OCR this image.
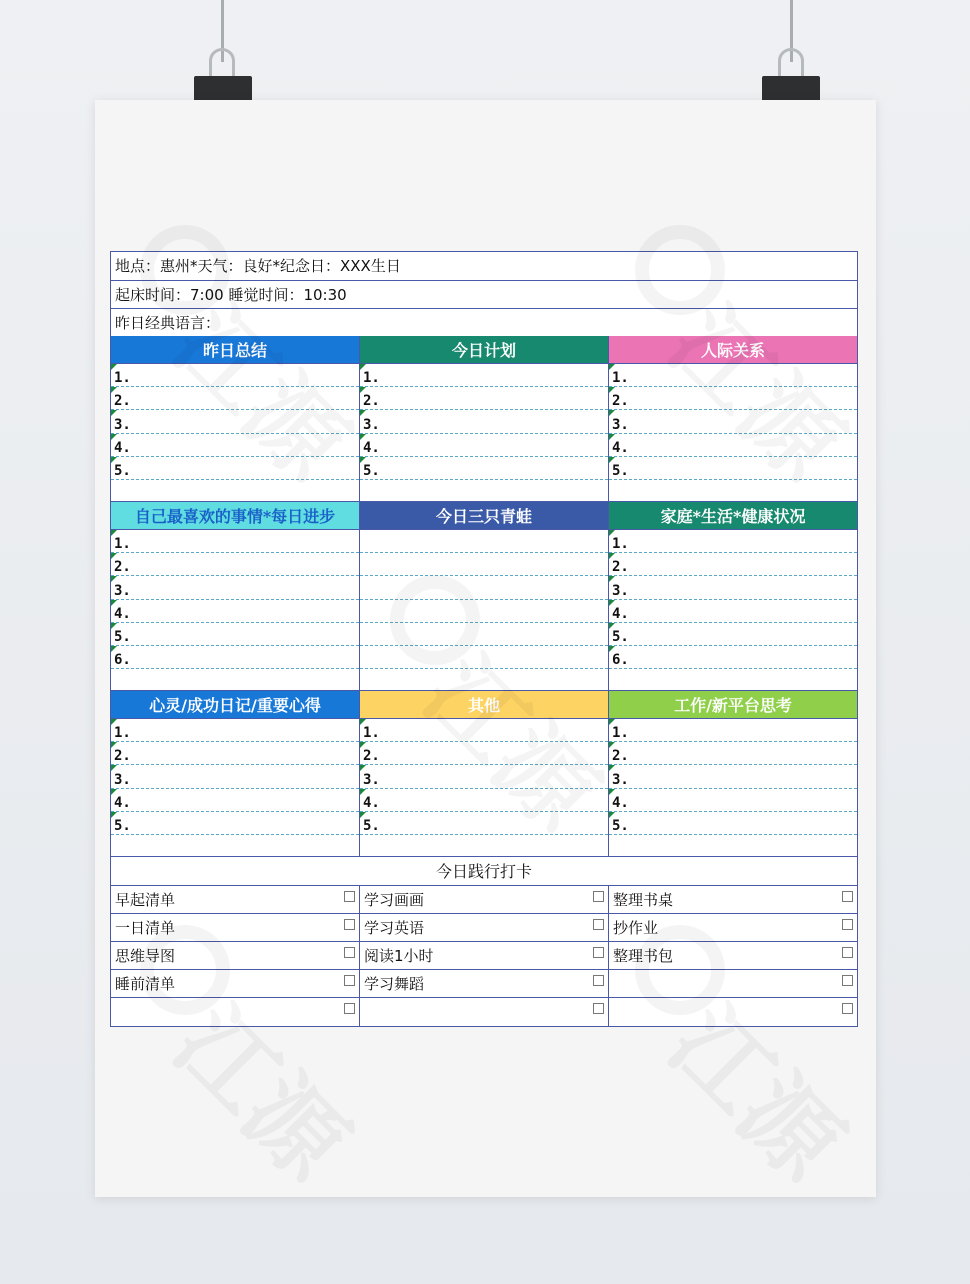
地点：惠州*天气：良好*纪念日：XXX生日
起床时间：7:00 睡觉时间：10:30
昨日经典语言：
昨日总结
1.
2.
3.
4.
5.
今日计划
1.
2.
3.
4.
5.
人际关系
1.
2.
3.
4.
5.
自己最喜欢的事情*每日进步
1.
2.
3.
4.
5.
6.
今日三只青蛙	家庭*生活*健康状况
1.
2.
3.
4.
5.
6.
心灵/成功日记/重要心得
1.
2.
3.
4.
5.
其他
1.
2.
3.
4.
5.
工作/新平台思考
1.
2.
3.
4.
5.
今日践行打卡
早起清单
一日清单
思维导图
睡前清单
学习画画
学习英语
阅读1小时
学习舞蹈
整理书桌
抄作业
整理书包
